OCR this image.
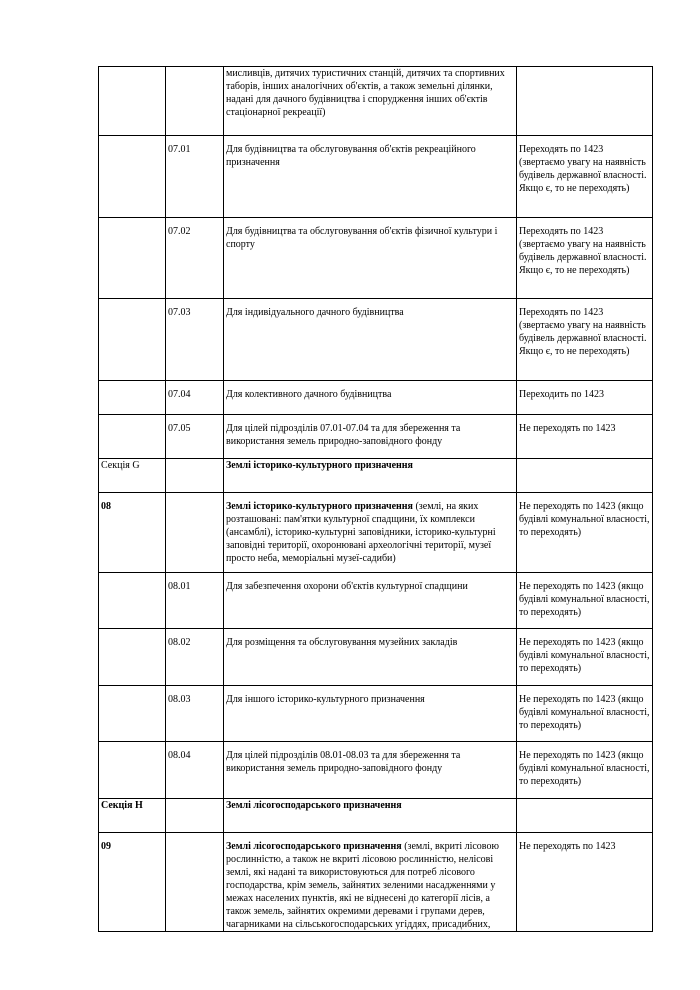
		мисливців, дитячих туристичних станцій, дитячих та спортивних таборів, інших аналогічних об'єктів, а також земельні ділянки, надані для дачного будівництва і спорудження інших об'єктів стаціонарної рекреації)	
	07.01	Для будівництва та обслуговування об'єктів рекреаційного призначення	Переходять по 1423 (звертаємо увагу на наявність будівель державної власності. Якщо є, то не переходять)
	07.02	Для будівництва та обслуговування об'єктів фізичної культури і спорту	Переходять по 1423 (звертаємо увагу на наявність будівель державної власності. Якщо є, то не переходять)
	07.03	Для індивідуального дачного будівництва	Переходять по 1423 (звертаємо увагу на наявність будівель державної власності. Якщо є, то не переходять)
	07.04	Для колективного дачного будівництва	Переходить по 1423
	07.05	Для цілей підрозділів 07.01-07.04 та для збереження та використання земель природно-заповідного фонду	Не переходять по 1423
Секція G		Землі історико-культурного призначення	
08		Землі історико-культурного призначення (землі, на яких розташовані: пам'ятки культурної спадщини, їх комплекси (ансамблі), історико-культурні заповідники, історико-культурні заповідні території, охоронювані археологічні території, музеї просто неба, меморіальні музеї-садиби)	Не переходять по 1423 (якщо будівлі комунальної власності, то переходять)
	08.01	Для забезпечення охорони об'єктів культурної спадщини	Не переходять по 1423 (якщо будівлі комунальної власності, то переходять)
	08.02	Для розміщення та обслуговування музейних закладів	Не переходять по 1423 (якщо будівлі комунальної власності, то переходять)
	08.03	Для іншого історико-культурного призначення	Не переходять по 1423 (якщо будівлі комунальної власності, то переходять)
	08.04	Для цілей підрозділів 08.01-08.03 та для збереження та використання земель природно-заповідного фонду	Не переходять по 1423 (якщо будівлі комунальної власності, то переходять)
Секція H		Землі лісогосподарського призначення	
09		Землі лісогосподарського призначення (землі, вкриті лісовою рослинністю, а також не вкриті лісовою рослинністю, нелісові землі, які надані та використовуються для потреб лісового господарства, крім земель, зайнятих зеленими насадженнями у межах населених пунктів, які не віднесені до категорії лісів, а також земель, зайнятих окремими деревами і групами дерев, чагарниками на сільськогосподарських угіддях, присадибних,	Не переходять по 1423
